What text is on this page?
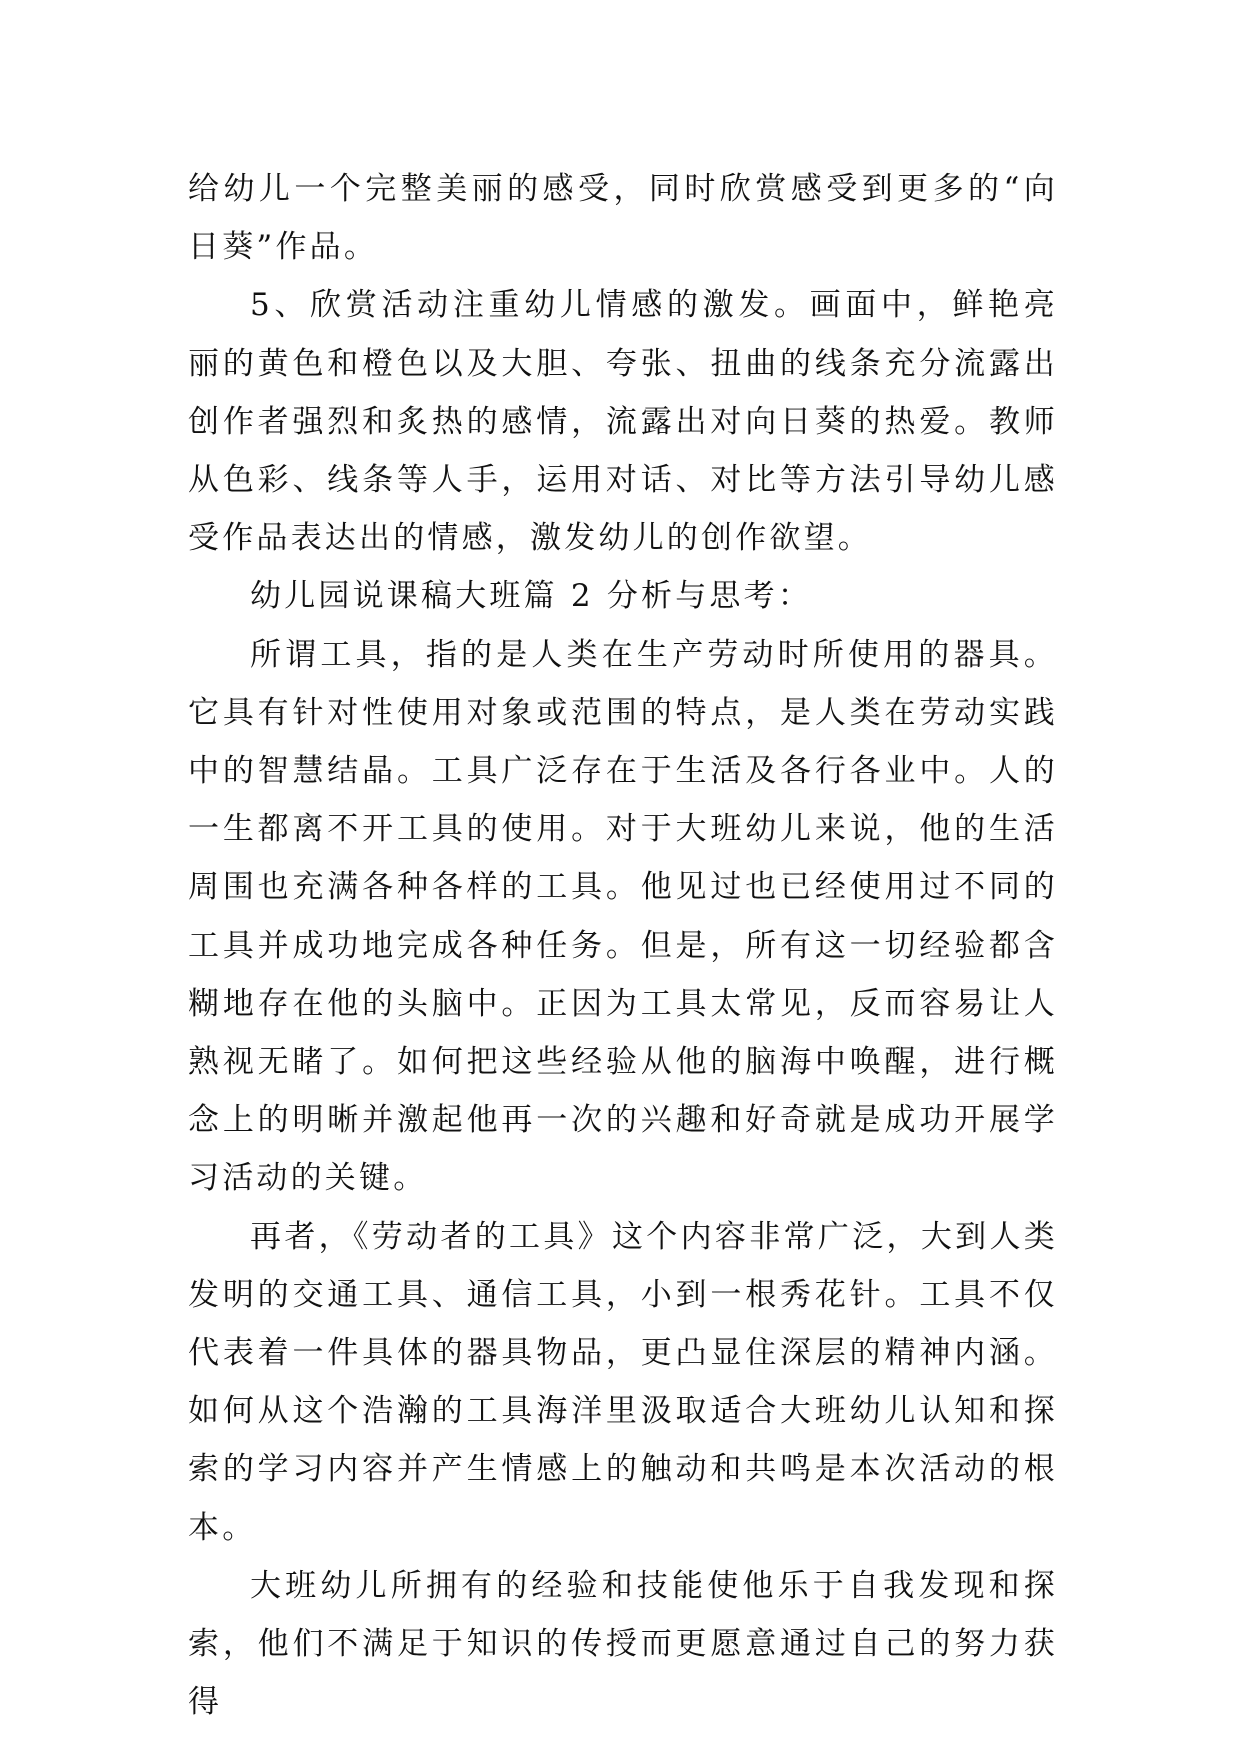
给幼儿一个完整美丽的感受，同时欣赏感受到更多的“向日葵”作品。

5、欣赏活动注重幼儿情感的激发。画面中，鲜艳亮丽的黄色和橙色以及大胆、夸张、扭曲的线条充分流露出创作者强烈和炙热的感情，流露出对向日葵的热爱。教师从色彩、线条等人手，运用对话、对比等方法引导幼儿感受作品表达出的情感，激发幼儿的创作欲望。

幼儿园说课稿大班篇 2 分析与思考：

所谓工具，指的是人类在生产劳动时所使用的器具。它具有针对性使用对象或范围的特点，是人类在劳动实践中的智慧结晶。工具广泛存在于生活及各行各业中。人的一生都离不开工具的使用。对于大班幼儿来说，他的生活周围也充满各种各样的工具。他见过也已经使用过不同的工具并成功地完成各种任务。但是，所有这一切经验都含糊地存在他的头脑中。正因为工具太常见，反而容易让人熟视无睹了。如何把这些经验从他的脑海中唤醒，进行概念上的明晰并激起他再一次的兴趣和好奇就是成功开展学习活动的关键。

再者，《劳动者的工具》这个内容非常广泛，大到人类发明的交通工具、通信工具，小到一根秀花针。工具不仅代表着一件具体的器具物品，更凸显住深层的精神内涵。如何从这个浩瀚的工具海洋里汲取适合大班幼儿认知和探索的学习内容并产生情感上的触动和共鸣是本次活动的根本。

大班幼儿所拥有的经验和技能使他乐于自我发现和探索，他们不满足于知识的传授而更愿意通过自己的努力获得
